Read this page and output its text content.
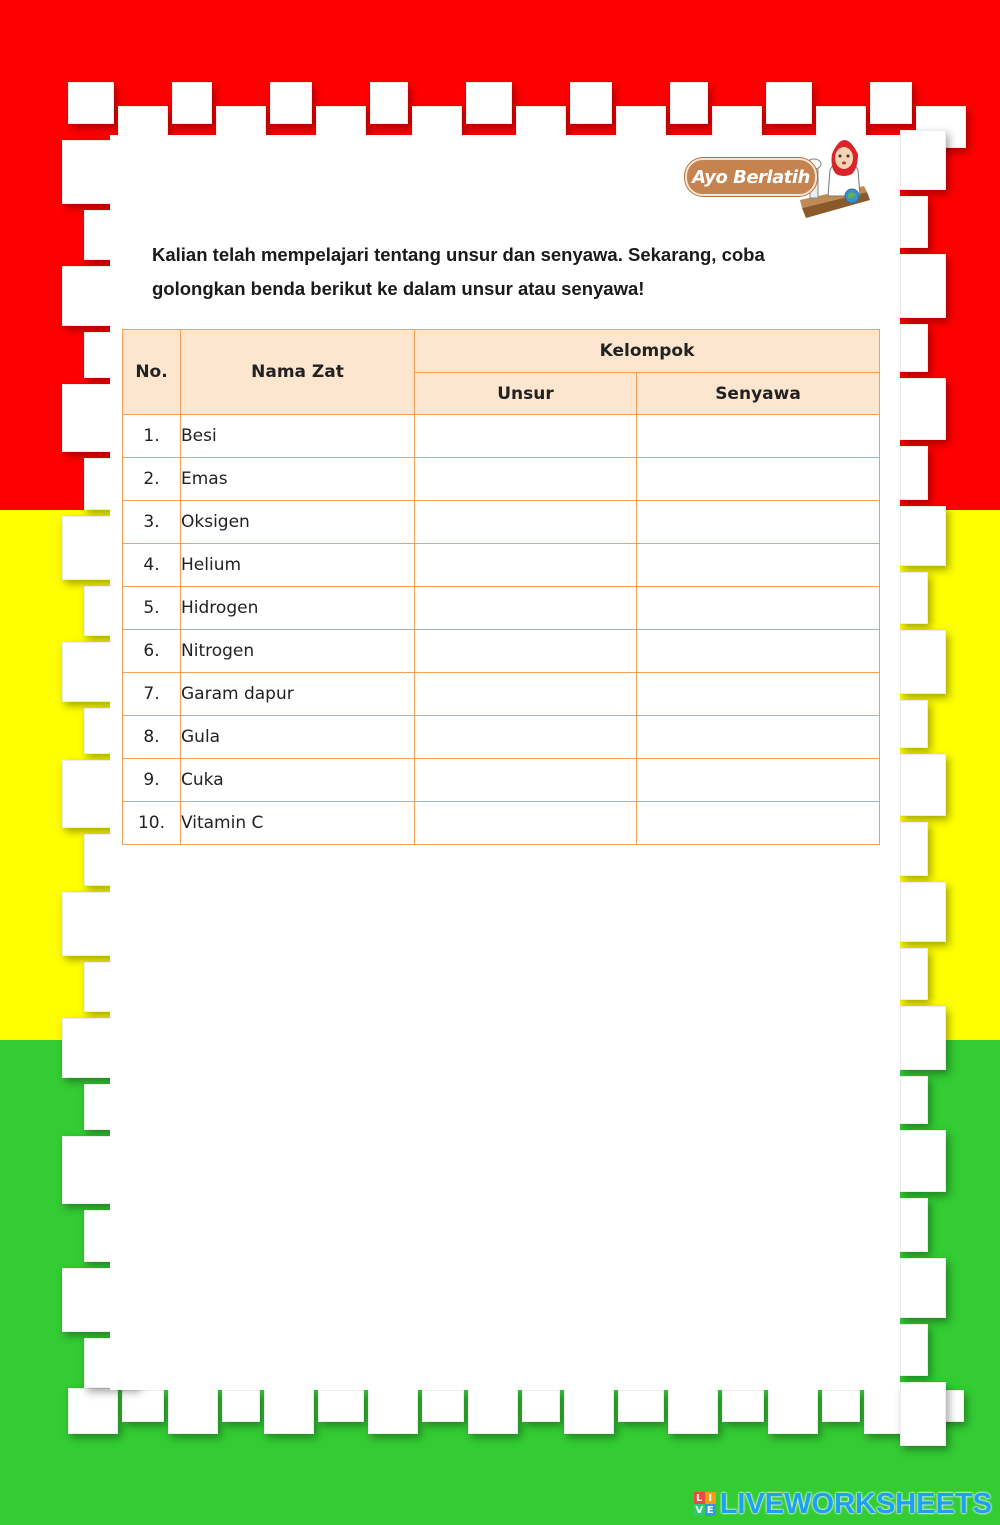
Ayo Berlatih
Kalian telah mempelajari tentang unsur dan senyawa. Sekarang, coba
golongkan benda berikut ke dalam unsur atau senyawa!
No.	Nama Zat	Kelompok	
		Unsur	Senyawa
1.	Besi		
2.	Emas		
3.	Oksigen		
4.	Helium		
5.	Hidrogen		
6.	Nitrogen		
7.	Garam dapur		
8.	Gula		
9.	Cuka		
10.	Vitamin C		
L I
V E LIVEWORKSHEETS
